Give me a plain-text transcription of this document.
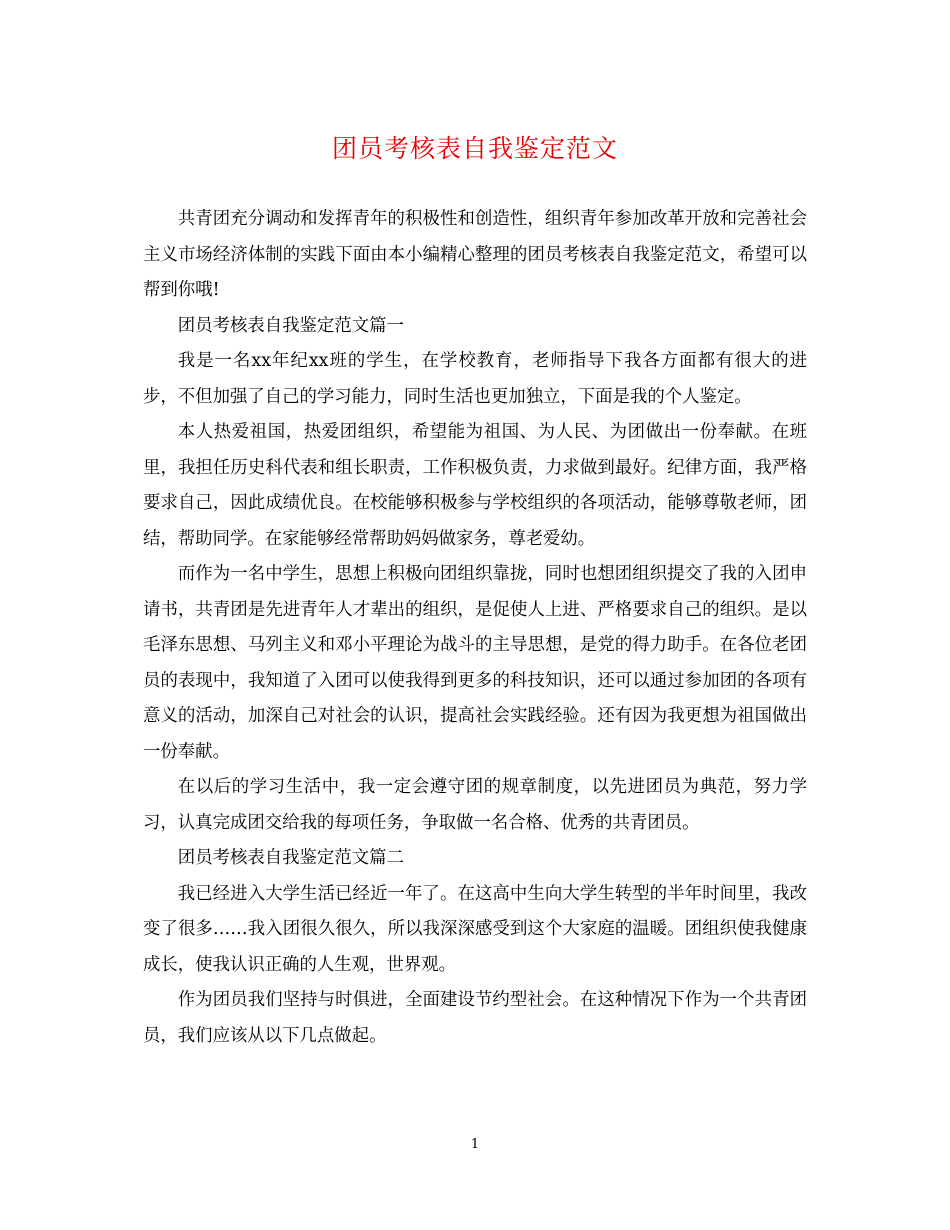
团员考核表自我鉴定范文

共青团充分调动和发挥青年的积极性和创造性，组织青年参加改革开放和完善社会主义市场经济体制的实践下面由本小编精心整理的团员考核表自我鉴定范文，希望可以帮到你哦!

团员考核表自我鉴定范文篇一

我是一名xx年纪xx班的学生，在学校教育，老师指导下我各方面都有很大的进步，不但加强了自己的学习能力，同时生活也更加独立，下面是我的个人鉴定。

本人热爱祖国，热爱团组织，希望能为祖国、为人民、为团做出一份奉献。在班里，我担任历史科代表和组长职责，工作积极负责，力求做到最好。纪律方面，我严格要求自己，因此成绩优良。在校能够积极参与学校组织的各项活动，能够尊敬老师，团结，帮助同学。在家能够经常帮助妈妈做家务，尊老爱幼。

而作为一名中学生，思想上积极向团组织靠拢，同时也想团组织提交了我的入团申请书，共青团是先进青年人才辈出的组织，是促使人上进、严格要求自己的组织。是以毛泽东思想、马列主义和邓小平理论为战斗的主导思想，是党的得力助手。在各位老团员的表现中，我知道了入团可以使我得到更多的科技知识，还可以通过参加团的各项有意义的活动，加深自己对社会的认识，提高社会实践经验。还有因为我更想为祖国做出一份奉献。

在以后的学习生活中，我一定会遵守团的规章制度，以先进团员为典范，努力学习，认真完成团交给我的每项任务，争取做一名合格、优秀的共青团员。

团员考核表自我鉴定范文篇二

我已经进入大学生活已经近一年了。在这高中生向大学生转型的半年时间里，我改变了很多……我入团很久很久，所以我深深感受到这个大家庭的温暖。团组织使我健康成长，使我认识正确的人生观，世界观。

作为团员我们坚持与时俱进，全面建设节约型社会。在这种情况下作为一个共青团员，我们应该从以下几点做起。

1
